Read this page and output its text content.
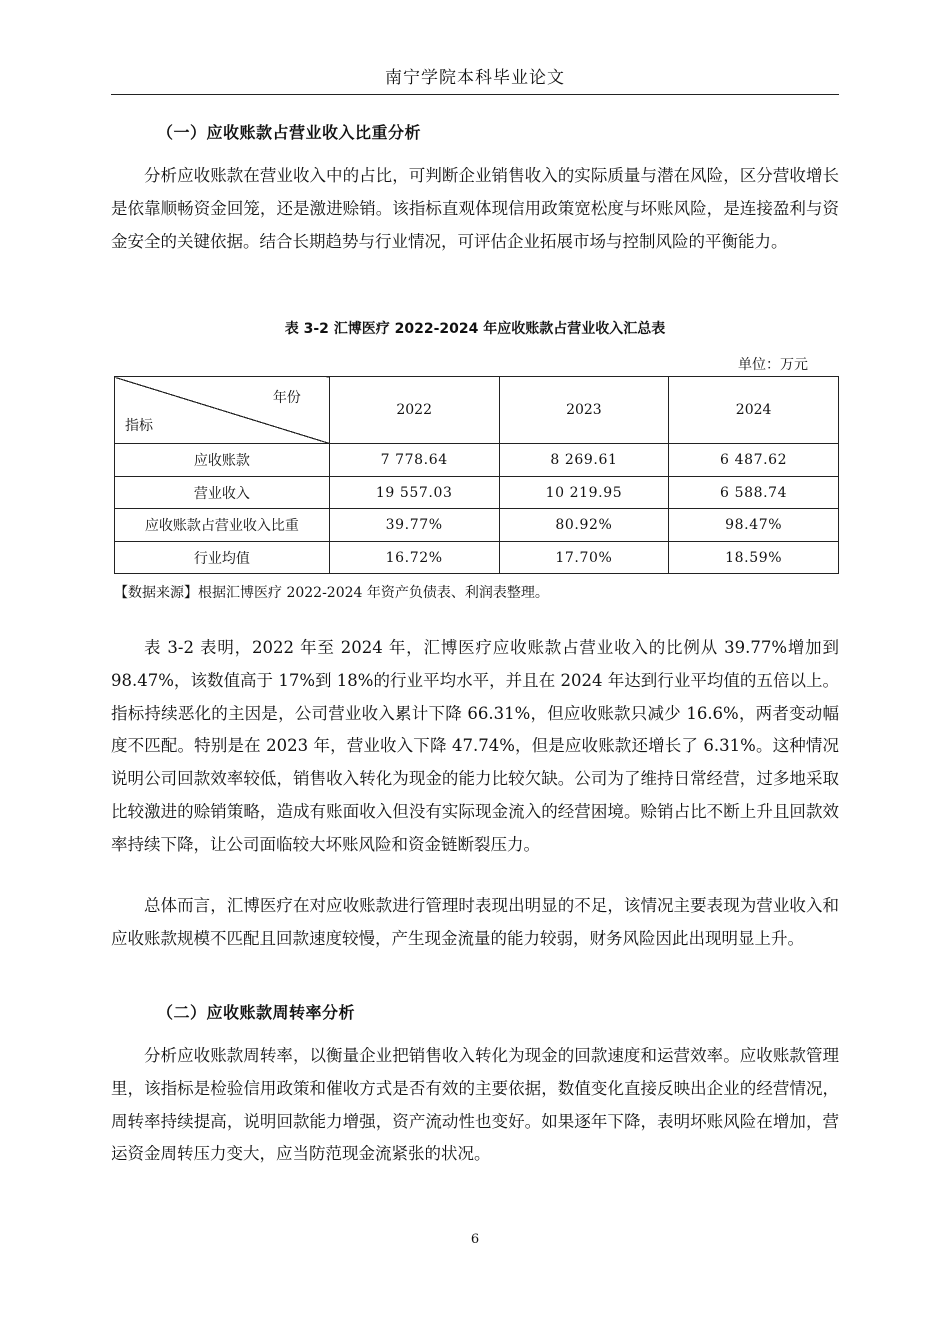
南宁学院本科毕业论文
（一）应收账款占营业收入比重分析

分析应收账款在营业收入中的占比，可判断企业销售收入的实际质量与潜在风险，区分营收增长是依靠顺畅资金回笼，还是激进赊销。该指标直观体现信用政策宽松度与坏账风险，是连接盈利与资金安全的关键依据。结合长期趋势与行业情况，可评估企业拓展市场与控制风险的平衡能力。

表 3-2 汇博医疗 2022-2024 年应收账款占营业收入汇总表
单位：万元
年份
指标	2022	2023	2024
应收账款	7 778.64	8 269.61	6 487.62
营业收入	19 557.03	10 219.95	6 588.74
应收账款占营业收入比重	39.77%	80.92%	98.47%
行业均值	16.72%	17.70%	18.59%
【数据来源】根据汇博医疗 2022-2024 年资产负债表、利润表整理。

表 3-2 表明，2022 年至 2024 年，汇博医疗应收账款占营业收入的比例从 39.77%增加到 98.47%，该数值高于 17%到 18%的行业平均水平，并且在 2024 年达到行业平均值的五倍以上。指标持续恶化的主因是，公司营业收入累计下降 66.31%，但应收账款只减少 16.6%，两者变动幅度不匹配。特别是在 2023 年，营业收入下降 47.74%，但是应收账款还增长了 6.31%。这种情况说明公司回款效率较低，销售收入转化为现金的能力比较欠缺。公司为了维持日常经营，过多地采取比较激进的赊销策略，造成有账面收入但没有实际现金流入的经营困境。赊销占比不断上升且回款效率持续下降，让公司面临较大坏账风险和资金链断裂压力。

总体而言，汇博医疗在对应收账款进行管理时表现出明显的不足，该情况主要表现为营业收入和应收账款规模不匹配且回款速度较慢，产生现金流量的能力较弱，财务风险因此出现明显上升。

（二）应收账款周转率分析

分析应收账款周转率，以衡量企业把销售收入转化为现金的回款速度和运营效率。应收账款管理里，该指标是检验信用政策和催收方式是否有效的主要依据，数值变化直接反映出企业的经营情况，周转率持续提高，说明回款能力增强，资产流动性也变好。如果逐年下降，表明坏账风险在增加，营运资金周转压力变大，应当防范现金流紧张的状况。

6
